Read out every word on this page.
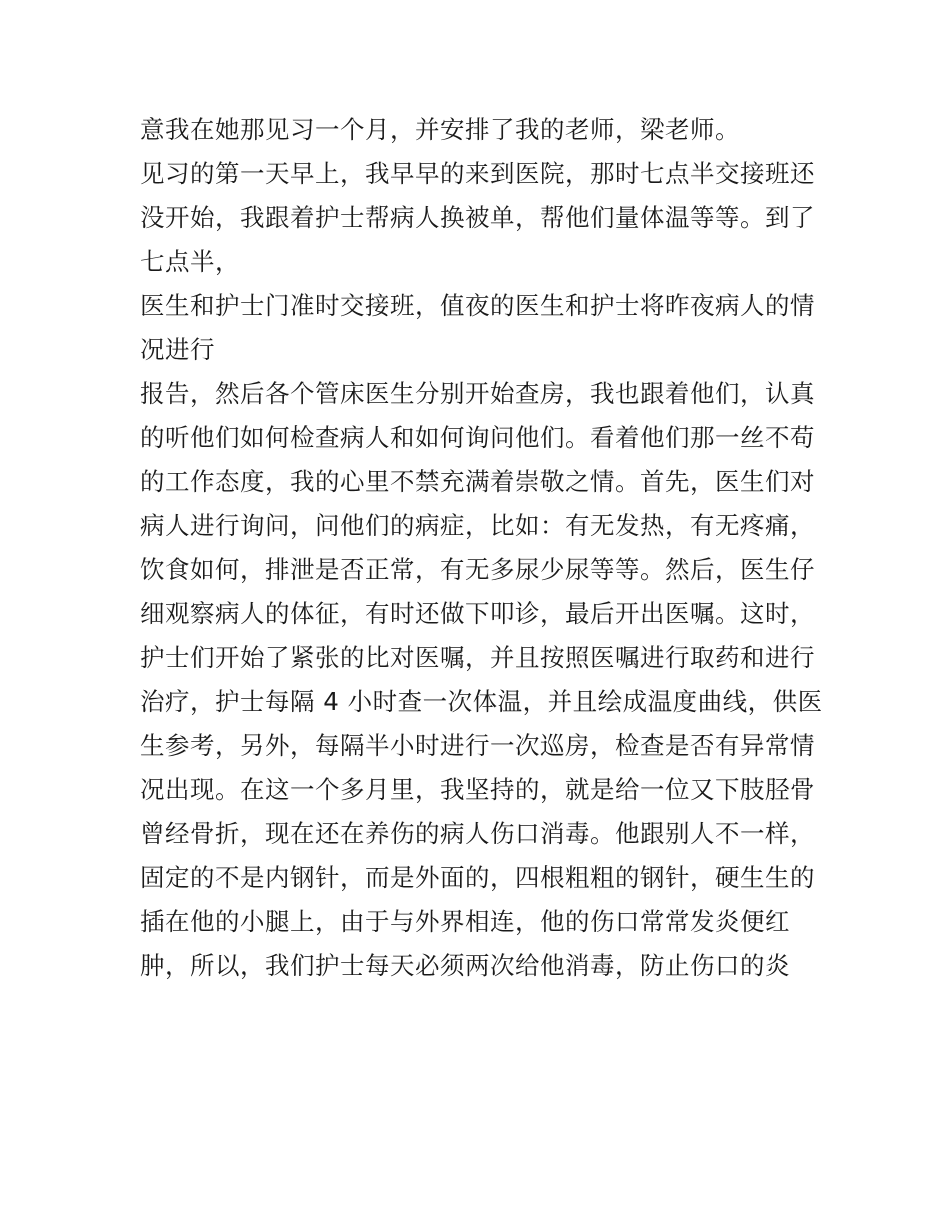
意我在她那见习一个月，并安排了我的老师，梁老师。
见习的第一天早上，我早早的来到医院，那时七点半交接班还
没开始，我跟着护士帮病人换被单，帮他们量体温等等。到了
七点半，
医生和护士门准时交接班，值夜的医生和护士将昨夜病人的情
况进行
报告，然后各个管床医生分别开始查房，我也跟着他们，认真
的听他们如何检查病人和如何询问他们。看着他们那一丝不苟
的工作态度，我的心里不禁充满着崇敬之情。首先，医生们对
病人进行询问，问他们的病症，比如：有无发热，有无疼痛，
饮食如何，排泄是否正常，有无多尿少尿等等。然后，医生仔
细观察病人的体征，有时还做下叩诊，最后开出医嘱。这时，
护士们开始了紧张的比对医嘱，并且按照医嘱进行取药和进行
治疗，护士每隔 4 小时查一次体温，并且绘成温度曲线，供医
生参考，另外，每隔半小时进行一次巡房，检查是否有异常情
况出现。在这一个多月里，我坚持的，就是给一位又下肢胫骨
曾经骨折，现在还在养伤的病人伤口消毒。他跟别人不一样，
固定的不是内钢针，而是外面的，四根粗粗的钢针，硬生生的
插在他的小腿上，由于与外界相连，他的伤口常常发炎便红
肿，所以，我们护士每天必须两次给他消毒，防止伤口的炎
